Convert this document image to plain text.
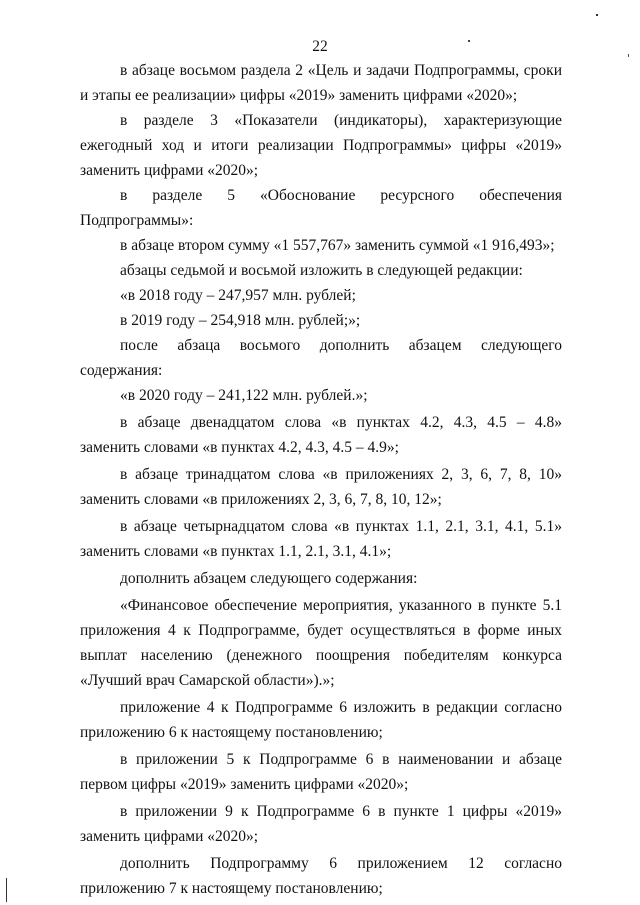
22

в абзаце восьмом раздела 2 «Цель и задачи Подпрограммы, сроки и этапы ее реализации» цифры «2019» заменить цифрами «2020»;

в разделе 3 «Показатели (индикаторы), характеризующие ежегодный ход и итоги реализации Подпрограммы» цифры «2019» заменить цифрами «2020»;

в разделе 5 «Обоснование ресурсного обеспечения Подпрограммы»:

в абзаце втором сумму «1 557,767» заменить суммой «1 916,493»;

абзацы седьмой и восьмой изложить в следующей редакции:

«в 2018 году – 247,957 млн. рублей;

в 2019 году – 254,918 млн. рублей;»;

после абзаца восьмого дополнить абзацем следующего содержания:

«в 2020 году – 241,122 млн. рублей.»;

в абзаце двенадцатом слова «в пунктах 4.2, 4.3, 4.5 – 4.8» заменить словами «в пунктах 4.2, 4.3, 4.5 – 4.9»;

в абзаце тринадцатом слова «в приложениях 2, 3, 6, 7, 8, 10» заменить словами «в приложениях 2, 3, 6, 7, 8, 10, 12»;

в абзаце четырнадцатом слова «в пунктах 1.1, 2.1, 3.1, 4.1, 5.1» заменить словами «в пунктах 1.1, 2.1, 3.1, 4.1»;

дополнить абзацем следующего содержания:

«Финансовое обеспечение мероприятия, указанного в пункте 5.1 приложения 4 к Подпрограмме, будет осуществляться в форме иных выплат населению (денежного поощрения победителям конкурса «Лучший врач Самарской области»).»;

приложение 4 к Подпрограмме 6 изложить в редакции согласно приложению 6 к настоящему постановлению;

в приложении 5 к Подпрограмме 6 в наименовании и абзаце первом цифры «2019» заменить цифрами «2020»;

в приложении 9 к Подпрограмме 6 в пункте 1 цифры «2019» заменить цифрами «2020»;

дополнить Подпрограмму 6 приложением 12 согласно приложению 7 к настоящему постановлению;
